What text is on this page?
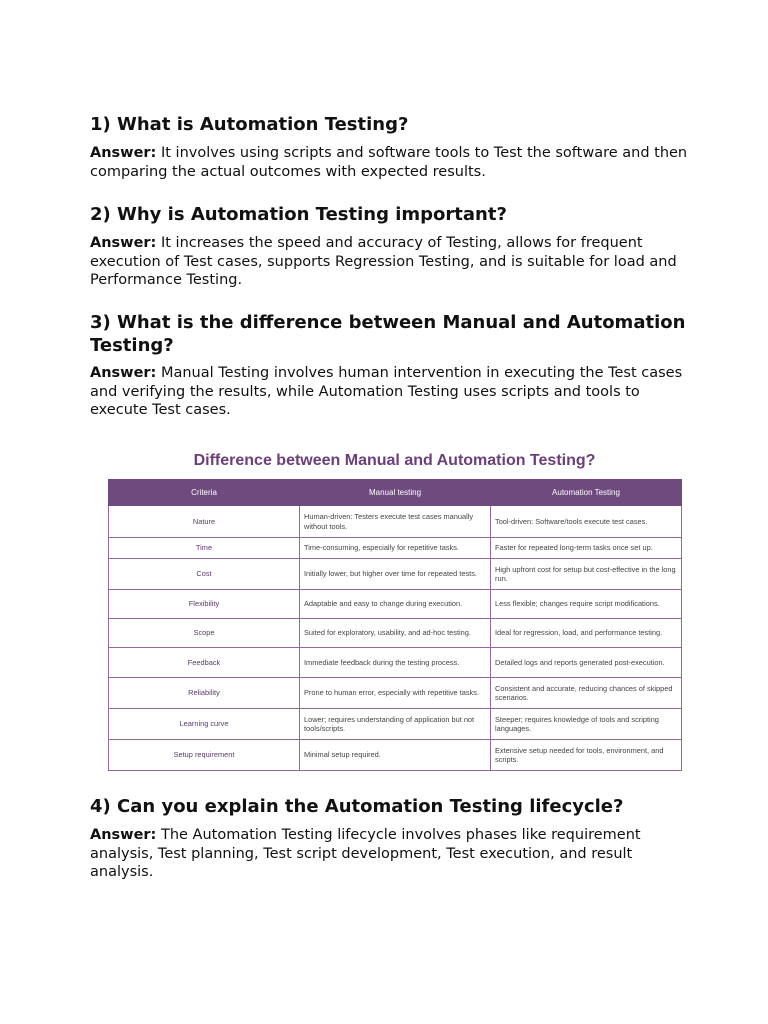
1) What is Automation Testing?

Answer: It involves using scripts and software tools to Test the software and then comparing the actual outcomes with expected results.

2) Why is Automation Testing important?

Answer: It increases the speed and accuracy of Testing, allows for frequent execution of Test cases, supports Regression Testing, and is suitable for load and Performance Testing.

3) What is the difference between Manual and Automation Testing?

Answer: Manual Testing involves human intervention in executing the Test cases and verifying the results, while Automation Testing uses scripts and tools to execute Test cases.

4) Can you explain the Automation Testing lifecycle?

Answer: The Automation Testing lifecycle involves phases like requirement analysis, Test planning, Test script development, Test execution, and result analysis.

Difference between Manual and Automation Testing?
Criteria	Manual testing	Automation Testing
Nature	Human-driven: Testers execute test cases manually without tools.	Tool-driven: Software/tools execute test cases.
Time	Time-consuming, especially for repetitive tasks.	Faster for repeated long-term tasks once set up.
Cost	Initially lower, but higher over time for repeated tests.	High upfront cost for setup but cost-effective in the long run.
Flexibility	Adaptable and easy to change during execution.	Less flexible; changes require script modifications.
Scope	Suited for exploratory, usability, and ad-hoc testing.	Ideal for regression, load, and performance testing.
Feedback	Immediate feedback during the testing process.	Detailed logs and reports generated post-execution.
Reliability	Prone to human error, especially with repetitive tasks.	Consistent and accurate, reducing chances of skipped scenarios.
Learning curve	Lower; requires understanding of application but not tools/scripts.	Steeper; requires knowledge of tools and scripting languages.
Setup requirement	Minimal setup required.	Extensive setup needed for tools, environment, and scripts.
